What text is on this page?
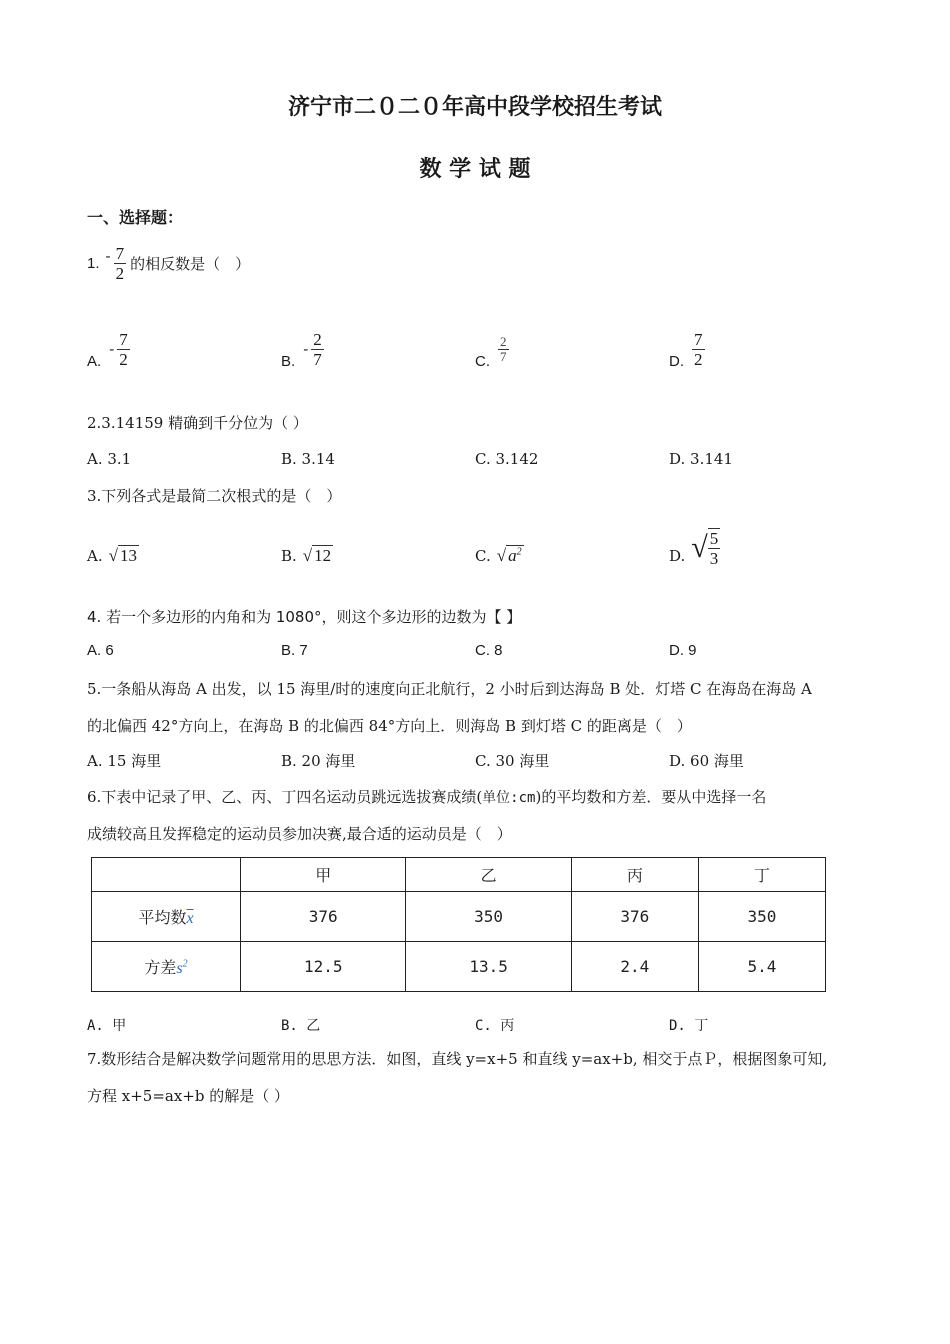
济宁市二０二０年高中段学校招生考试
数 学 试 题
一、选择题：
1. - $\frac{7}{2}$ 的相反数是（　）
A.
- $\frac{7}{2}$	B.
- $\frac{2}{7}$	C. $\frac{2}{7}$	D. $\frac{7}{2}$
2.3.14159 精确到千分位为（ ）
A. 3.1	B. 3.14	C. 3.142	D. 3.141
3.下列各式是最简二次根式的是（　）
A. √ 13	B. √ 12	C. √ $a^2$	D. √ $\frac{5}{3}$
4. 若一个多边形的内角和为 1080°，则这个多边形的边数为【 】
A. 6	B. 7	C. 8	D. 9
5.一条船从海岛 A 出发，以 15 海里/时的速度向正北航行，2 小时后到达海岛 B 处．灯塔 C 在海岛在海岛 A
的北偏西 42°方向上，在海岛 B 的北偏西 84°方向上．则海岛 B 到灯塔 C 的距离是（　）
A. 15 海里	B. 20 海里	C. 30 海里	D. 60 海里
6.下表中记录了甲、乙、丙、丁四名运动员跳远选拔赛成绩(单位:cm)的平均数和方差．要从中选择一名
成绩较高且发挥稳定的运动员参加决赛,最合适的运动员是（　）
	甲	乙	丙	丁
平均数$\overline{x}$	376	350	376	350
方差$s^2$	12.5	13.5	2.4	5.4
A. 甲	B. 乙	C. 丙	D. 丁
7.数形结合是解决数学问题常用的思思方法．如图，直线 y=x+5 和直线 y=ax+b, 相交于点Ｐ，根据图象可知,
方程 x+5=ax+b 的解是（ ）
